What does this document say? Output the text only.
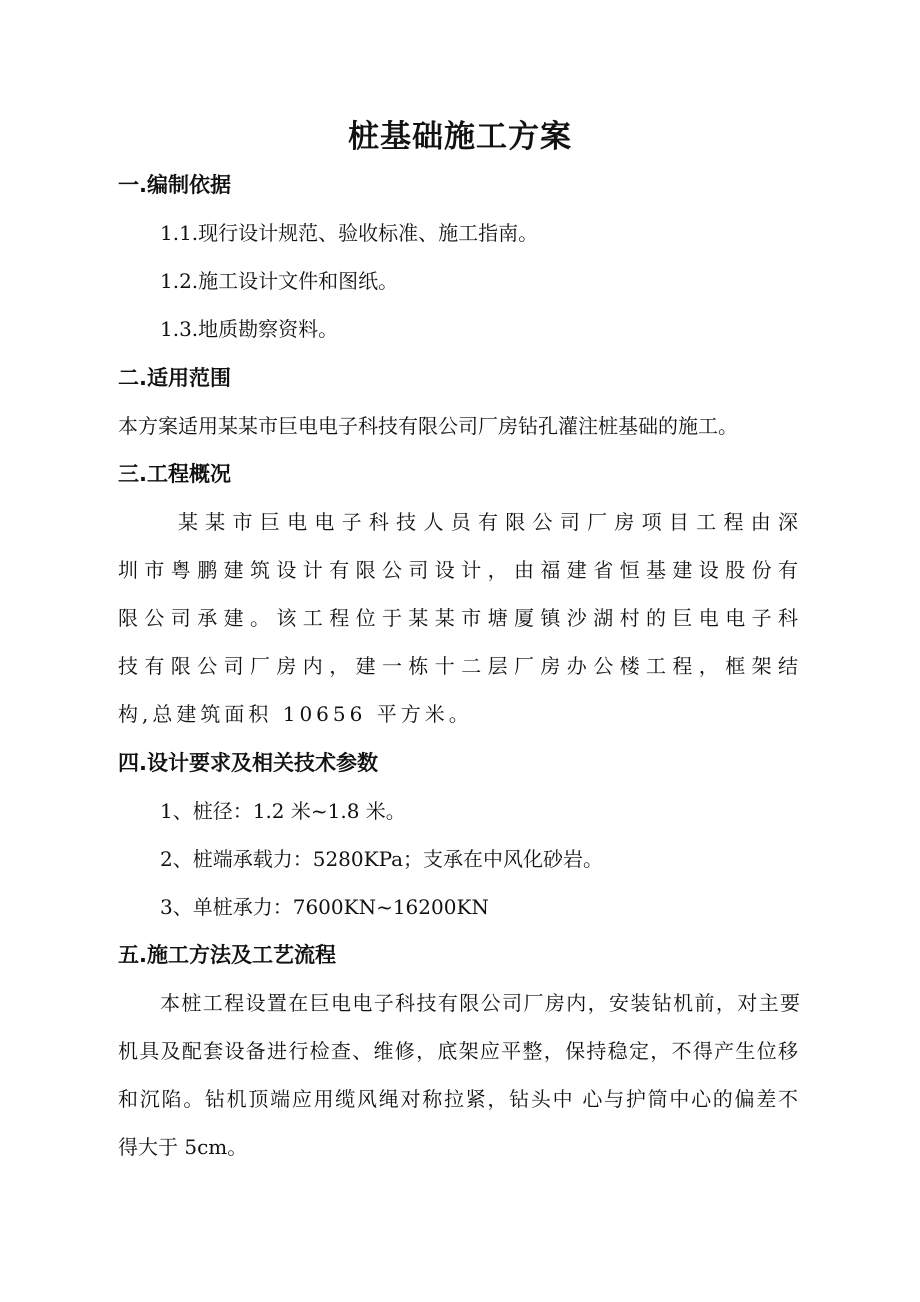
桩基础施工方案
一.编制依据
1.1.现行设计规范、验收标准、施工指南。
1.2.施工设计文件和图纸。
1.3.地质勘察资料。
二.适用范围
本方案适用某某市巨电电子科技有限公司厂房钻孔灌注桩基础的施工。
三.工程概况
某某市巨电电子科技人员有限公司厂房项目工程由深
圳市粤鹏建筑设计有限公司设计，由福建省恒基建设股份有
限公司承建。该工程位于某某市塘厦镇沙湖村的巨电电子科
技有限公司厂房内，建一栋十二层厂房办公楼工程，框架结
构,总建筑面积 10656 平方米。
四.设计要求及相关技术参数
1、桩径：1.2 米~1.8 米。
2、桩端承载力：5280KPa；支承在中风化砂岩。
3、单桩承力：7600KN~16200KN
五.施工方法及工艺流程
本桩工程设置在巨电电子科技有限公司厂房内，安装钻机前，对主要
机具及配套设备进行检查、维修，底架应平整，保持稳定，不得产生位移
和沉陷。钻机顶端应用缆风绳对称拉紧，钻头中 心与护筒中心的偏差不
得大于 5cm。
